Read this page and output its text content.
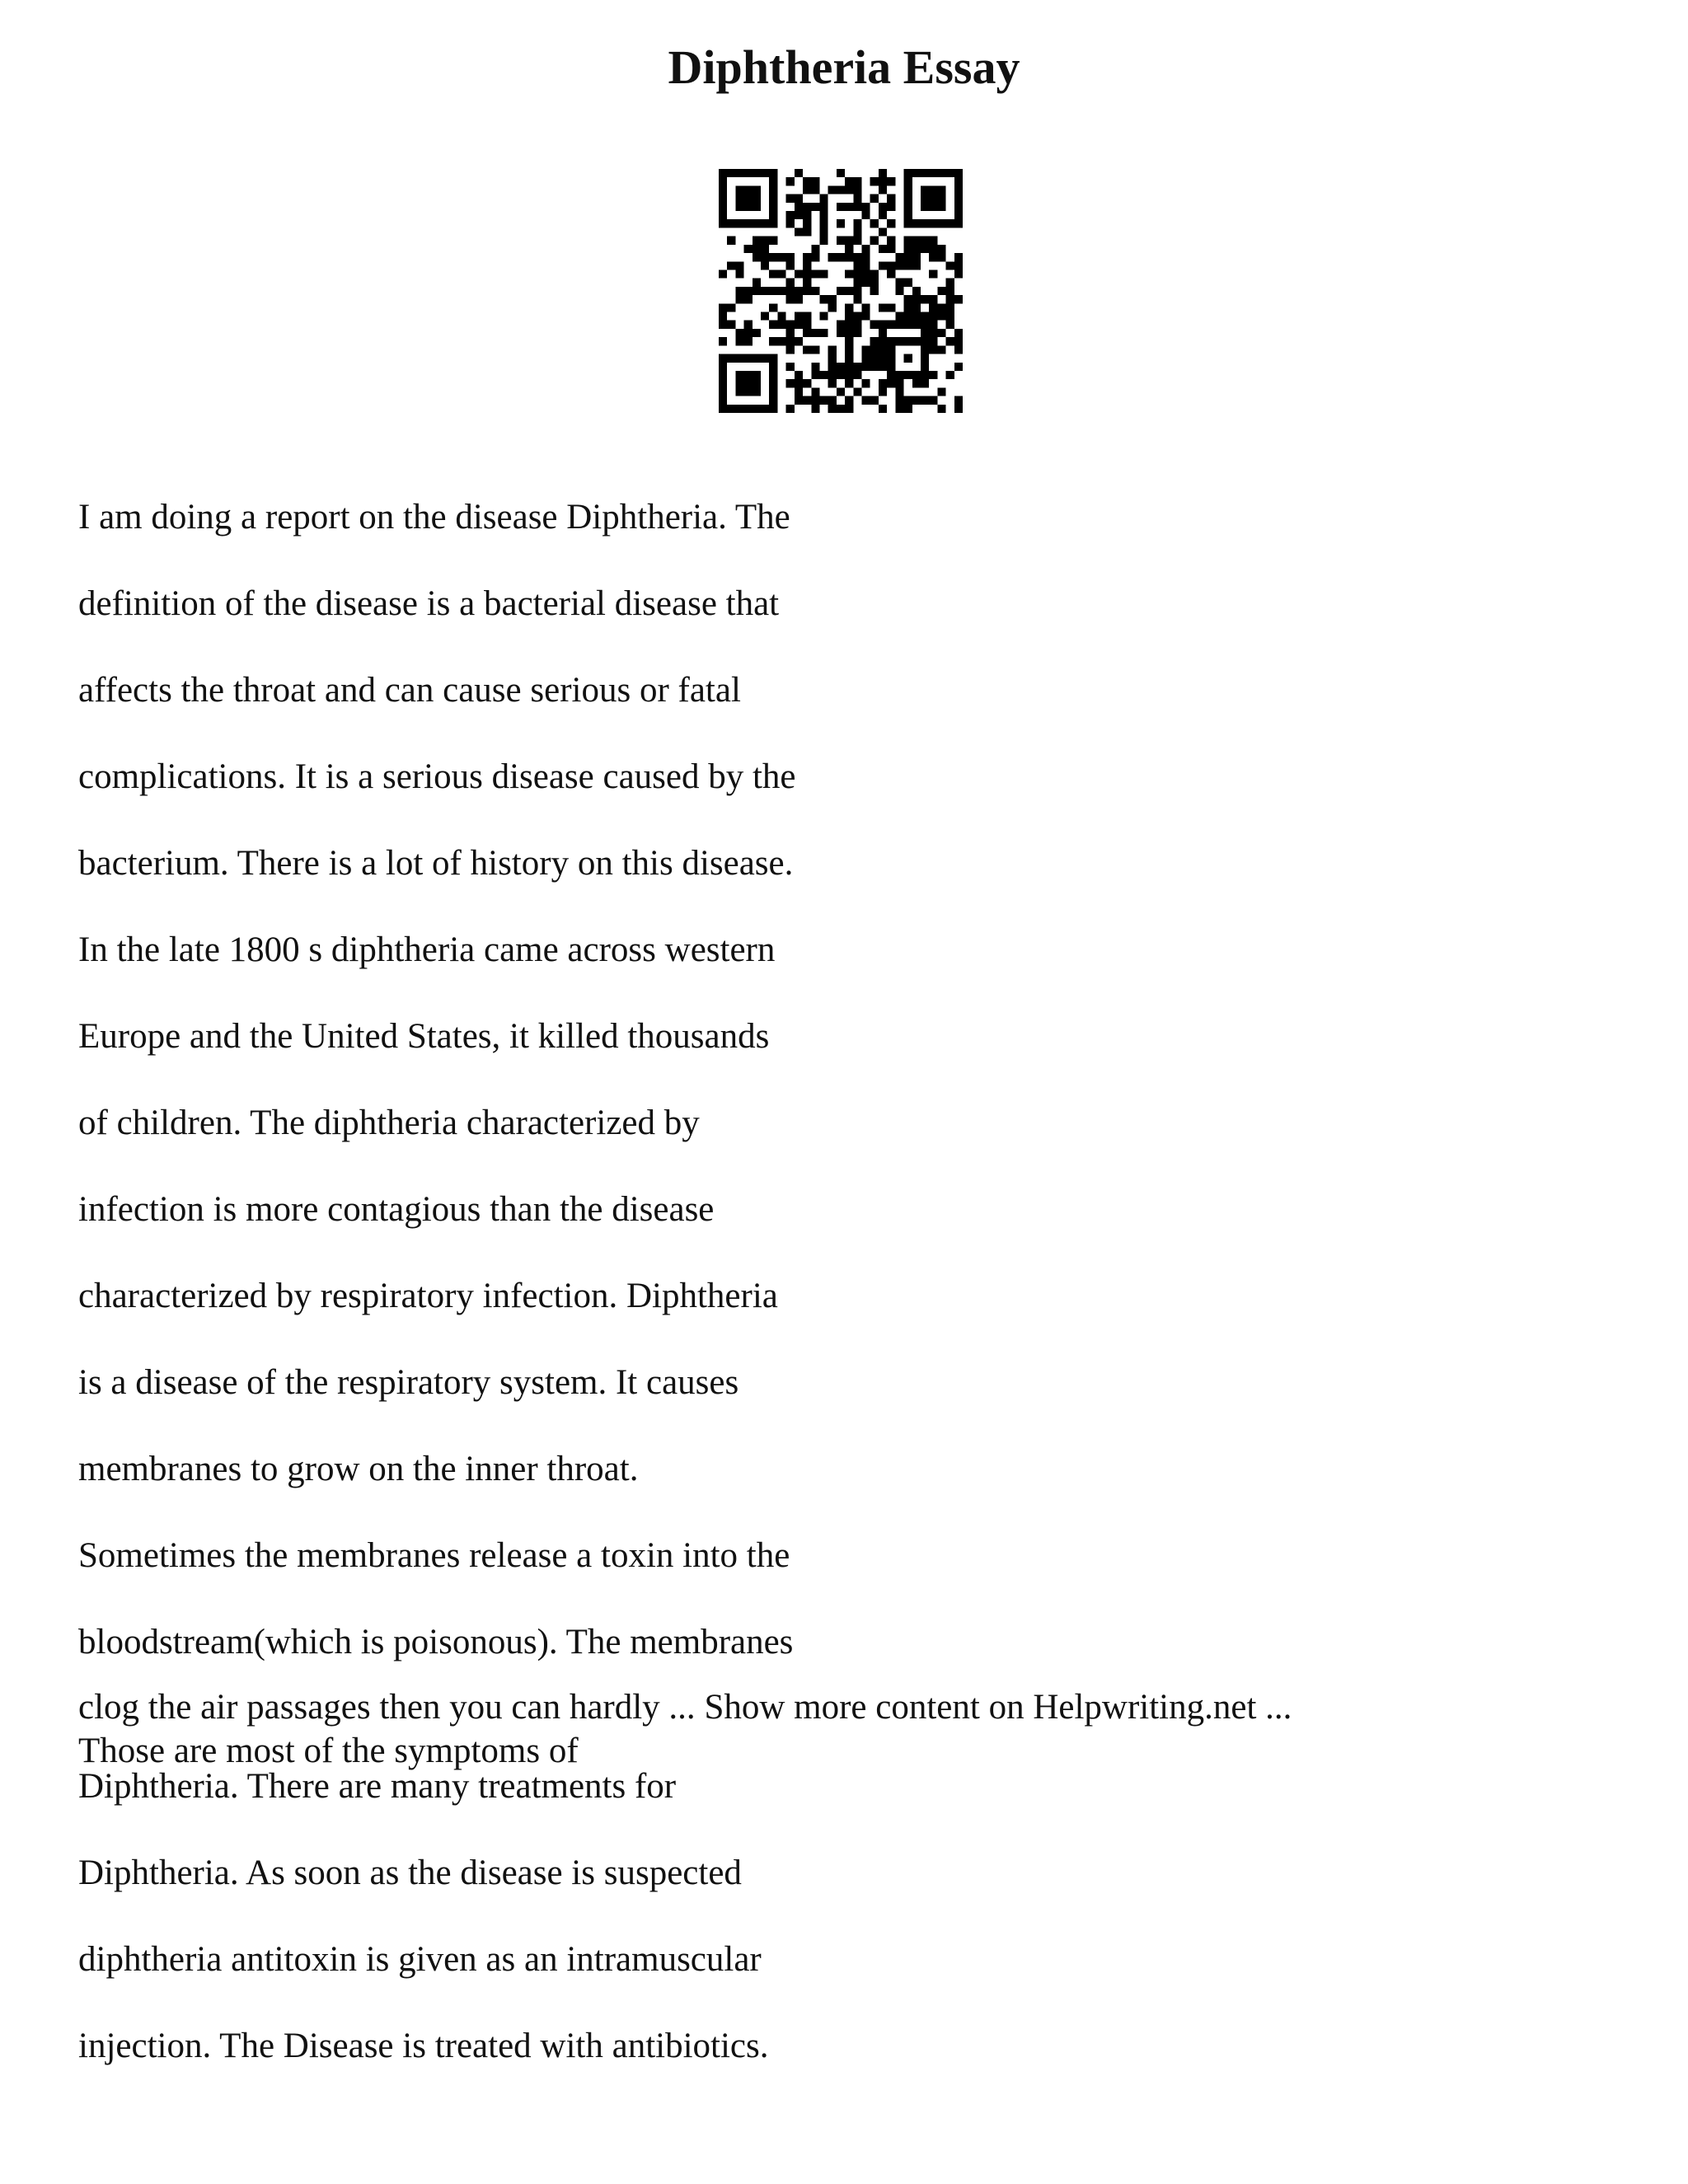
Diphtheria Essay

I am doing a report on the disease Diphtheria. The

definition of the disease is a bacterial disease that

affects the throat and can cause serious or fatal

complications. It is a serious disease caused by the

bacterium. There is a lot of history on this disease.

In the late 1800 s diphtheria came across western

Europe and the United States, it killed thousands

of children. The diphtheria characterized by

infection is more contagious than the disease

characterized by respiratory infection. Diphtheria

is a disease of the respiratory system. It causes

membranes to grow on the inner throat.

Sometimes the membranes release a toxin into the

bloodstream(which is poisonous). The membranes

clog the air passages then you can hardly ... Show more content on Helpwriting.net ...

Those are most of the symptoms of

Diphtheria. There are many treatments for

Diphtheria. As soon as the disease is suspected

diphtheria antitoxin is given as an intramuscular

injection. The Disease is treated with antibiotics.
